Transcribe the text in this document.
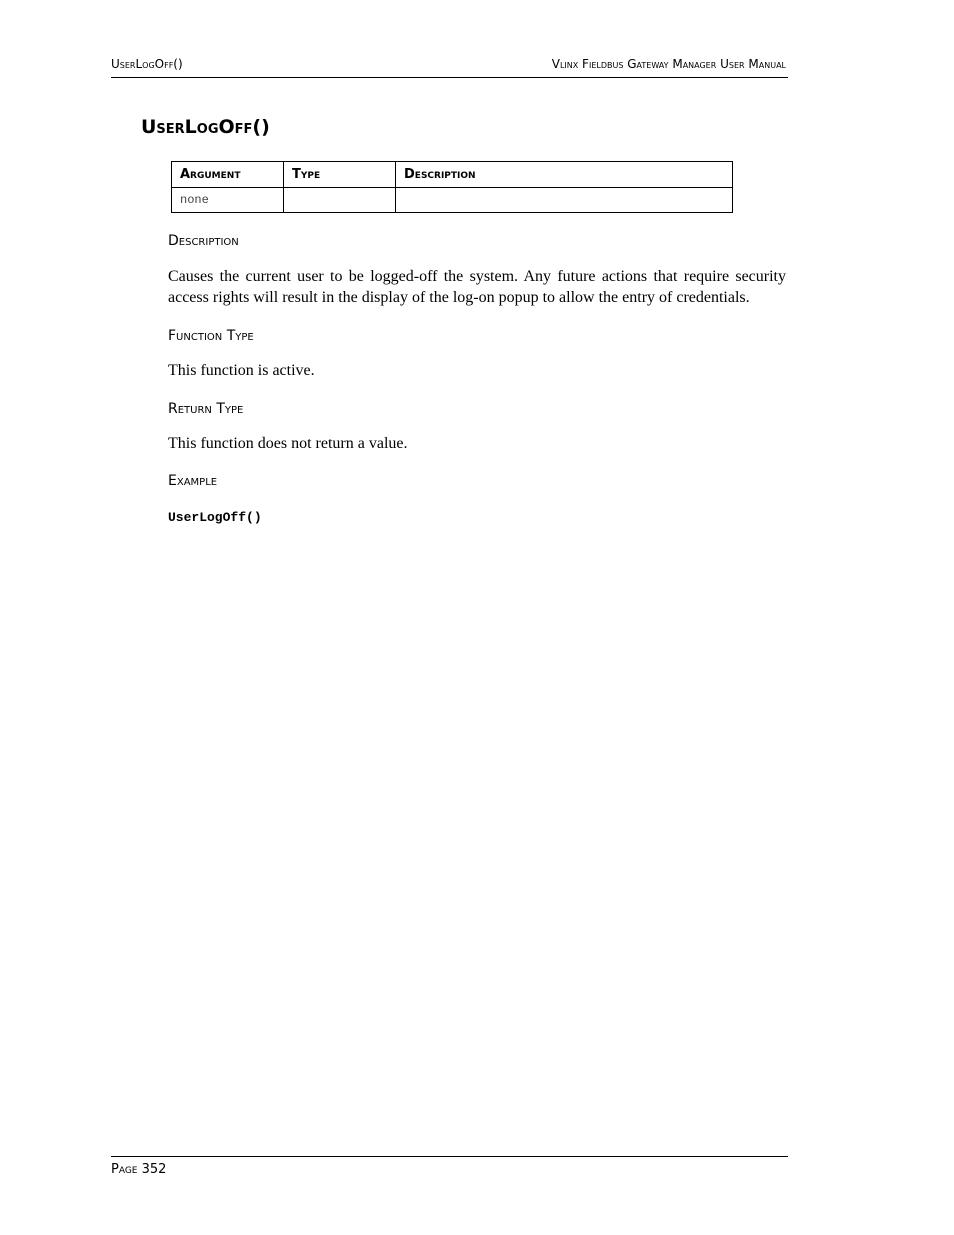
UserLogOff()	Vlinx Fieldbus Gateway Manager User Manual
UserLogOff()
Argument	Type	Description
none		
Description

Causes the current user to be logged-off the system. Any future actions that require security access rights will result in the display of the log-on popup to allow the entry of credentials.

Function Type

This function is active.

Return Type

This function does not return a value.

Example
UserLogOff()
Page 352
